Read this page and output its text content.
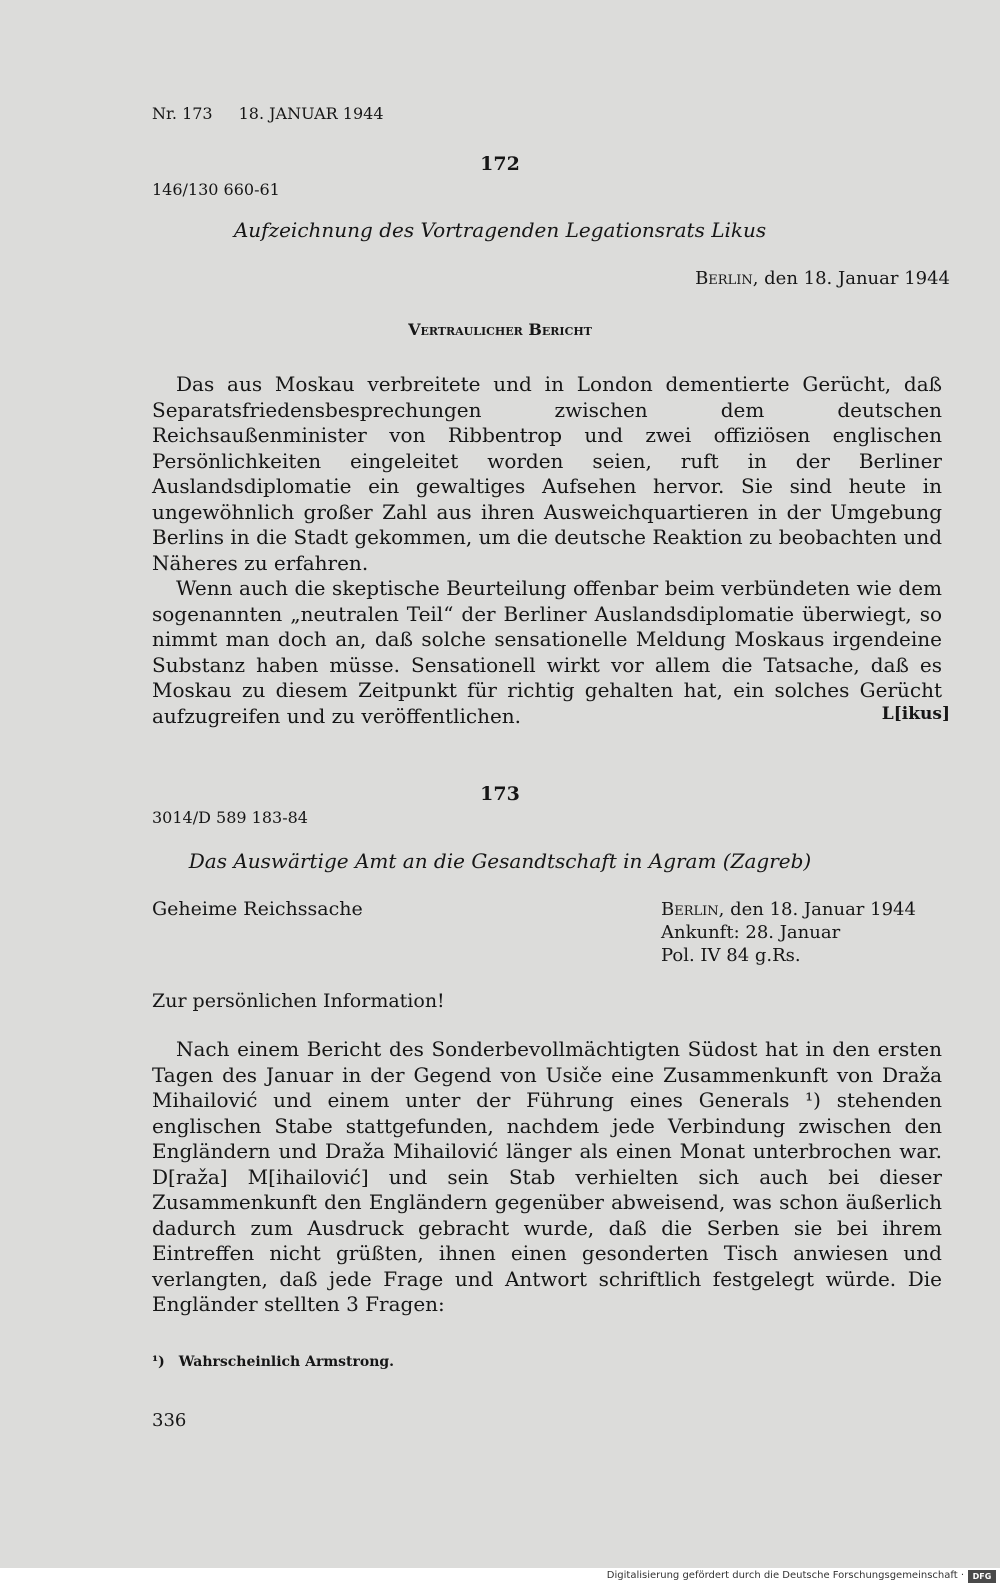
Nr. 173 18. JANUAR 1944
172
146/130 660-61
Aufzeichnung des Vortragenden Legationsrats Likus
Berlin, den 18. Januar 1944
Vertraulicher Bericht

Das aus Moskau verbreitete und in London dementierte Gerücht, daß Separatsfriedensbesprechungen zwischen dem deutschen Reichsaußenminister von Ribbentrop und zwei offiziösen englischen Persönlichkeiten eingeleitet worden seien, ruft in der Berliner Auslandsdiplomatie ein gewaltiges Aufsehen hervor. Sie sind heute in ungewöhnlich großer Zahl aus ihren Ausweichquartieren in der Umgebung Berlins in die Stadt gekommen, um die deutsche Reaktion zu beobachten und Näheres zu erfahren.

Wenn auch die skeptische Beurteilung offenbar beim verbündeten wie dem sogenannten „neutralen Teil“ der Berliner Auslandsdiplomatie überwiegt, so nimmt man doch an, daß solche sensationelle Meldung Moskaus irgendeine Substanz haben müsse. Sensationell wirkt vor allem die Tatsache, daß es Moskau zu diesem Zeitpunkt für richtig gehalten hat, ein solches Gerücht aufzugreifen und zu veröffentlichen.	L[ikus]
173
3014/D 589 183-84
Das Auswärtige Amt an die Gesandtschaft in Agram (Zagreb)
Geheime Reichssache	Berlin, den 18. Januar 1944
Ankunft: 28. Januar
Pol. IV 84 g.Rs.
Zur persönlichen Information!

Nach einem Bericht des Sonderbevollmächtigten Südost hat in den ersten Tagen des Januar in der Gegend von Usiče eine Zusammenkunft von Draža Mihailović und einem unter der Führung eines Generals ¹) stehenden englischen Stabe stattgefunden, nachdem jede Verbindung zwischen den Engländern und Draža Mihailović länger als einen Monat unterbrochen war. D[raža] M[ihailović] und sein Stab verhielten sich auch bei dieser Zusammenkunft den Engländern gegenüber abweisend, was schon äußerlich dadurch zum Ausdruck gebracht wurde, daß die Serben sie bei ihrem Eintreffen nicht grüßten, ihnen einen gesonderten Tisch anwiesen und verlangten, daß jede Frage und Antwort schriftlich festgelegt würde. Die Engländer stellten 3 Fragen:

¹) Wahrscheinlich Armstrong.
336
Digitalisierung gefördert durch die Deutsche Forschungsgemeinschaft ·	DFG
